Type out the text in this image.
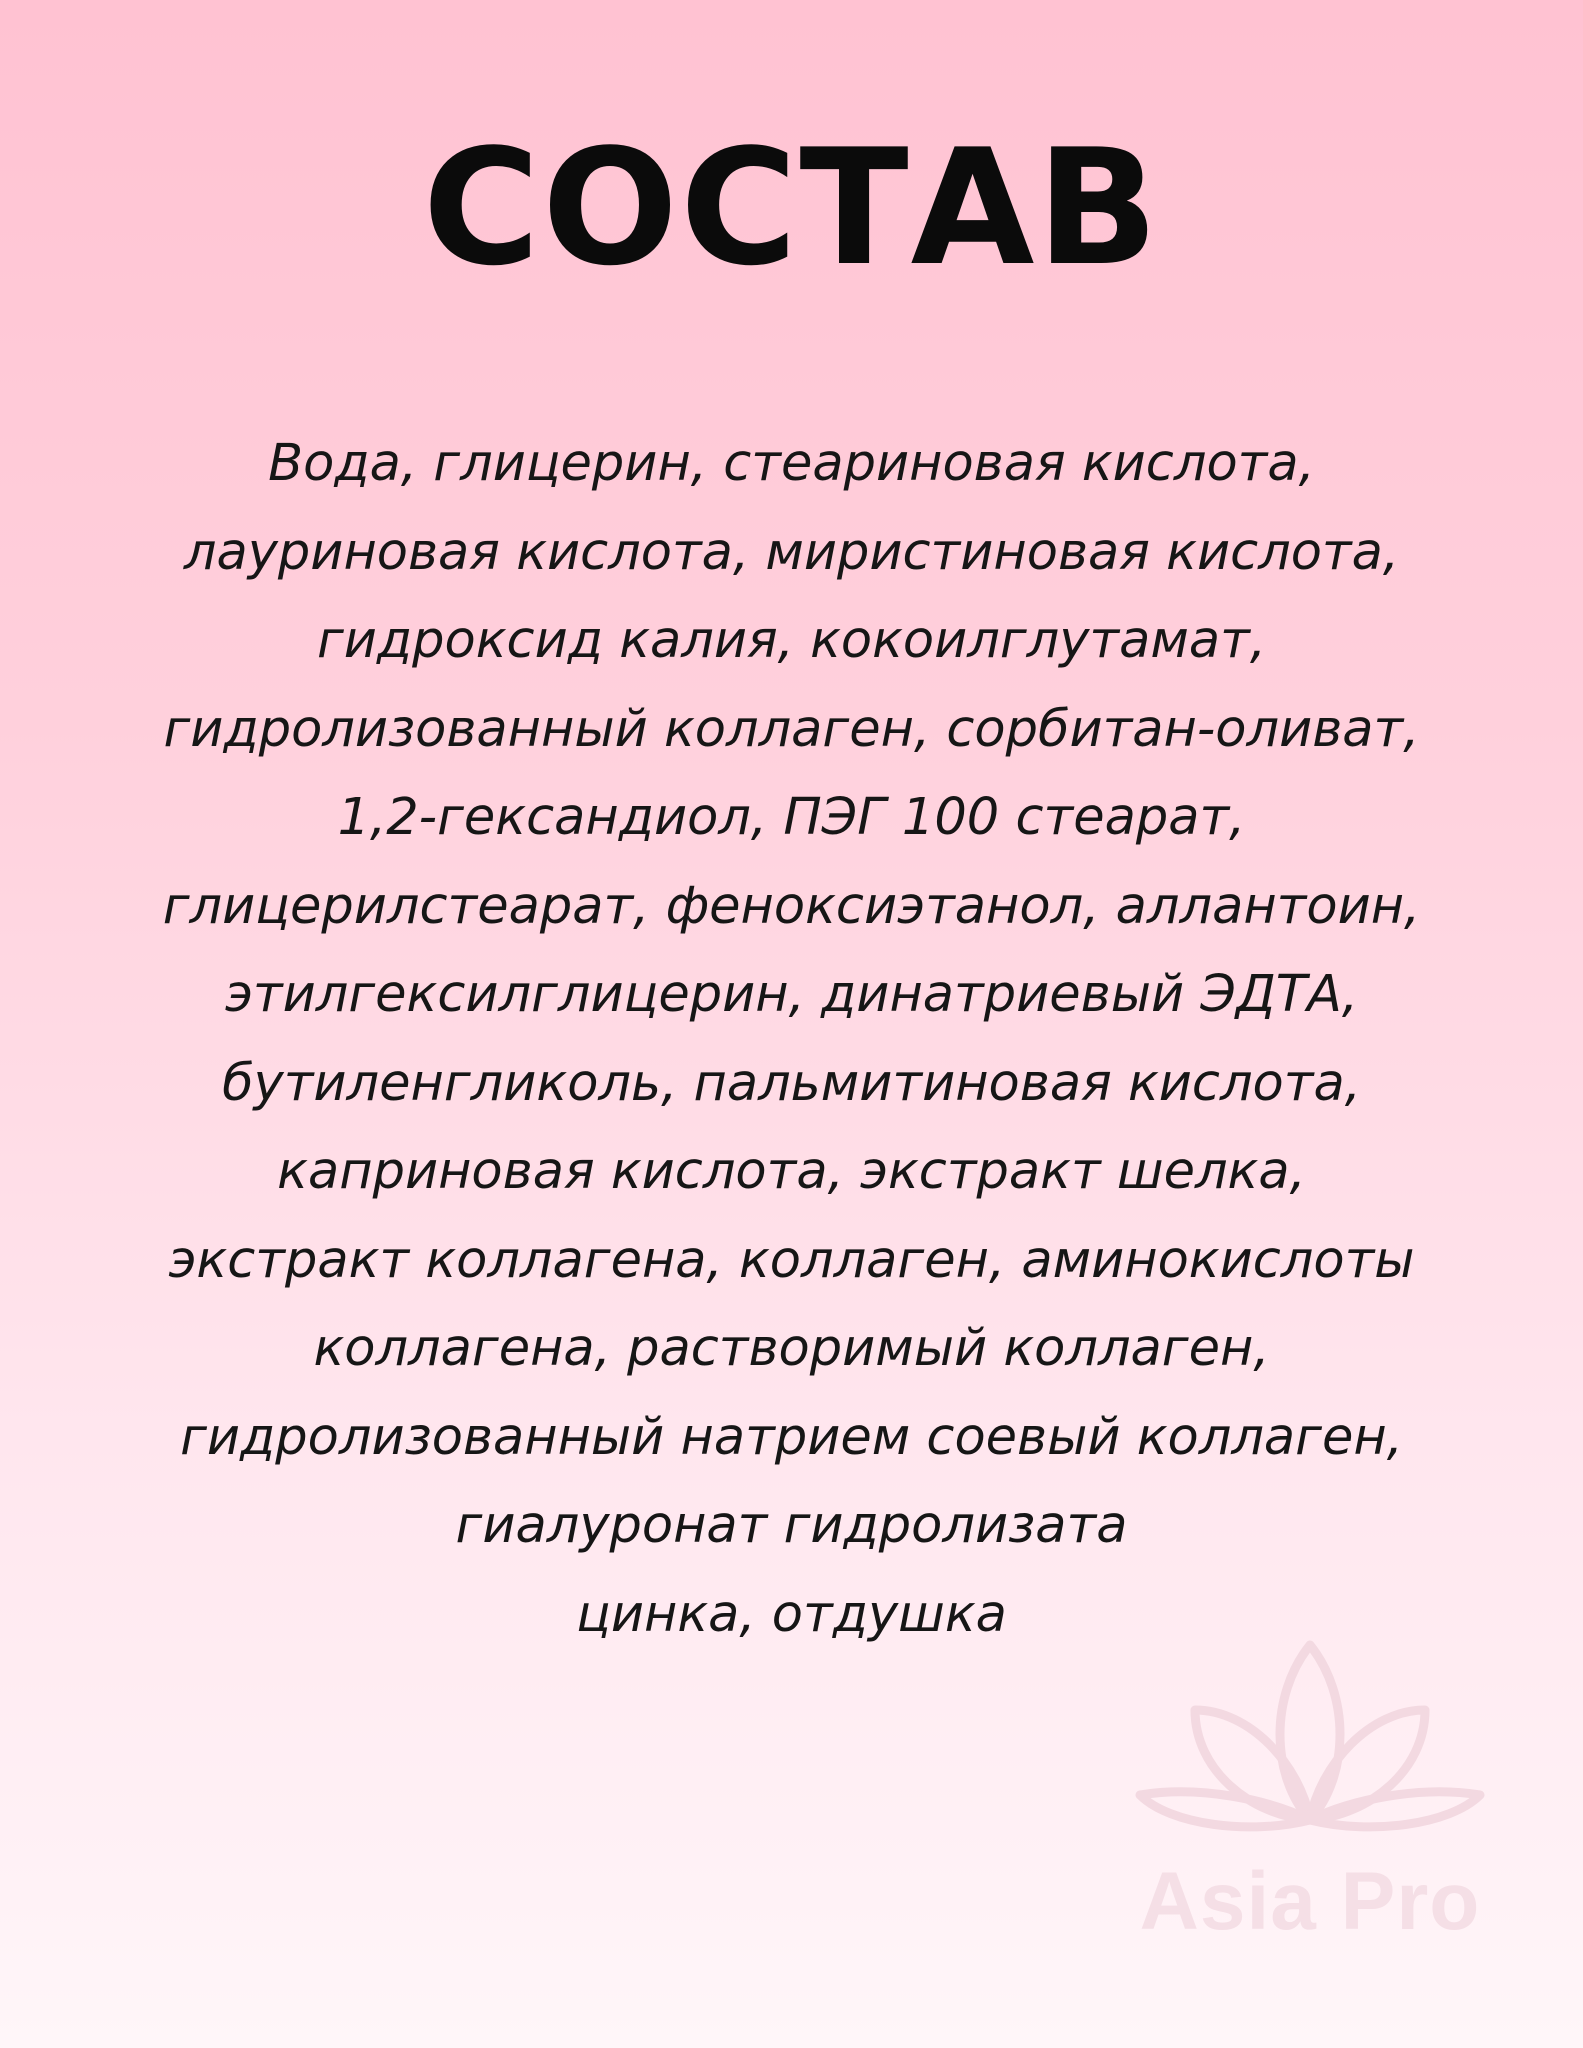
СОСТАВ
Вода, глицерин, стеариновая кислота,
лауриновая кислота, миристиновая кислота,
гидроксид калия, кокоилглутамат,
гидролизованный коллаген, сорбитан-оливат,
1,2-гександиол, ПЭГ 100 стеарат,
глицерилстеарат, феноксиэтанол, аллантоин,
этилгексилглицерин, динатриевый ЭДТА,
бутиленгликоль, пальмитиновая кислота,
каприновая кислота, экстракт шелка,
экстракт коллагена, коллаген, аминокислоты
коллагена, растворимый коллаген,
гидролизованный натрием соевый коллаген,
гиалуронат гидролизата
цинка, отдушка
Asia Pro
